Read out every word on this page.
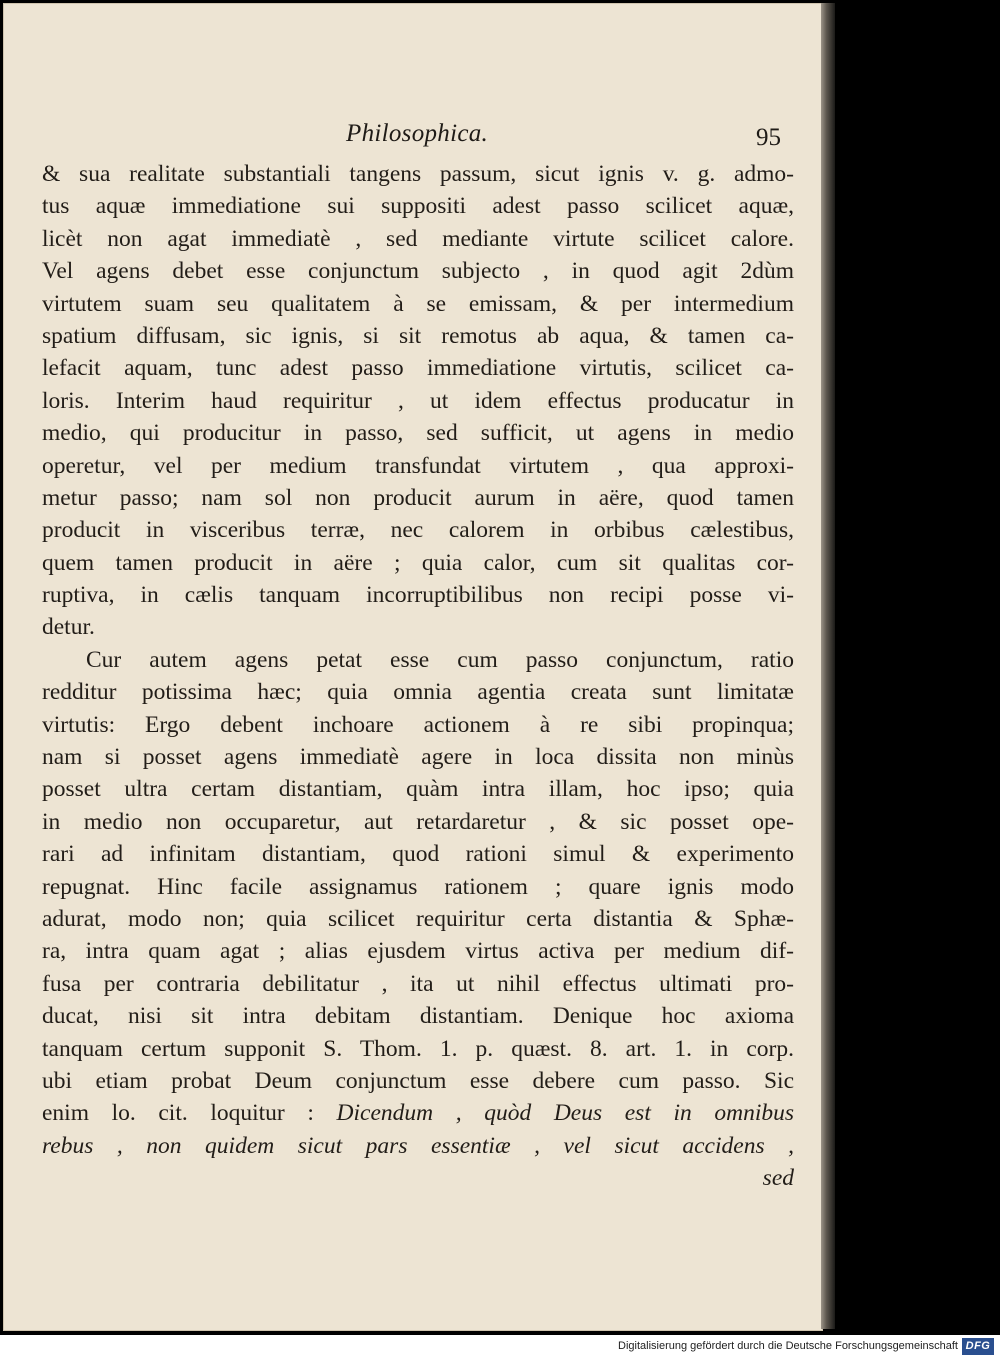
Philosophica.	95
& sua realitate substantiali tangens passum, sicut ignis v. g. admo-
tus aquæ immediatione sui suppositi adest passo scilicet aquæ,
licèt non agat immediatè , sed mediante virtute scilicet calore.
Vel agens debet esse conjunctum subjecto , in quod agit 2dùm
virtutem suam seu qualitatem à se emissam, & per intermedium
spatium diffusam, sic ignis, si sit remotus ab aqua, & tamen ca-
lefacit aquam, tunc adest passo immediatione virtutis, scilicet ca-
loris. Interim haud requiritur , ut idem effectus producatur in
medio, qui producitur in passo, sed sufficit, ut agens in medio
operetur, vel per medium transfundat virtutem , qua approxi-
metur passo; nam sol non producit aurum in aëre, quod tamen
producit in visceribus terræ, nec calorem in orbibus cælestibus,
quem tamen producit in aëre ; quia calor, cum sit qualitas cor-
ruptiva, in cælis tanquam incorruptibilibus non recipi posse vi-
detur.
Cur autem agens petat esse cum passo conjunctum, ratio
redditur potissima hæc; quia omnia agentia creata sunt limitatæ
virtutis: Ergo debent inchoare actionem à re sibi propinqua;
nam si posset agens immediatè agere in loca dissita non minùs
posset ultra certam distantiam, quàm intra illam, hoc ipso; quia
in medio non occuparetur, aut retardaretur , & sic posset ope-
rari ad infinitam distantiam, quod rationi simul & experimento
repugnat. Hinc facile assignamus rationem ; quare ignis modo
adurat, modo non; quia scilicet requiritur certa distantia & Sphæ-
ra, intra quam agat ; alias ejusdem virtus activa per medium dif-
fusa per contraria debilitatur , ita ut nihil effectus ultimati pro-
ducat, nisi sit intra debitam distantiam. Denique hoc axioma
tanquam certum supponit S. Thom. 1. p. quæst. 8. art. 1. in corp.
ubi etiam probat Deum conjunctum esse debere cum passo. Sic
enim lo. cit. loquitur : Dicendum , quòd Deus est in omnibus
rebus , non quidem sicut pars essentiæ , vel sicut accidens ,
sed
Digitalisierung gefördert durch die Deutsche Forschungsgemeinschaft DFG
